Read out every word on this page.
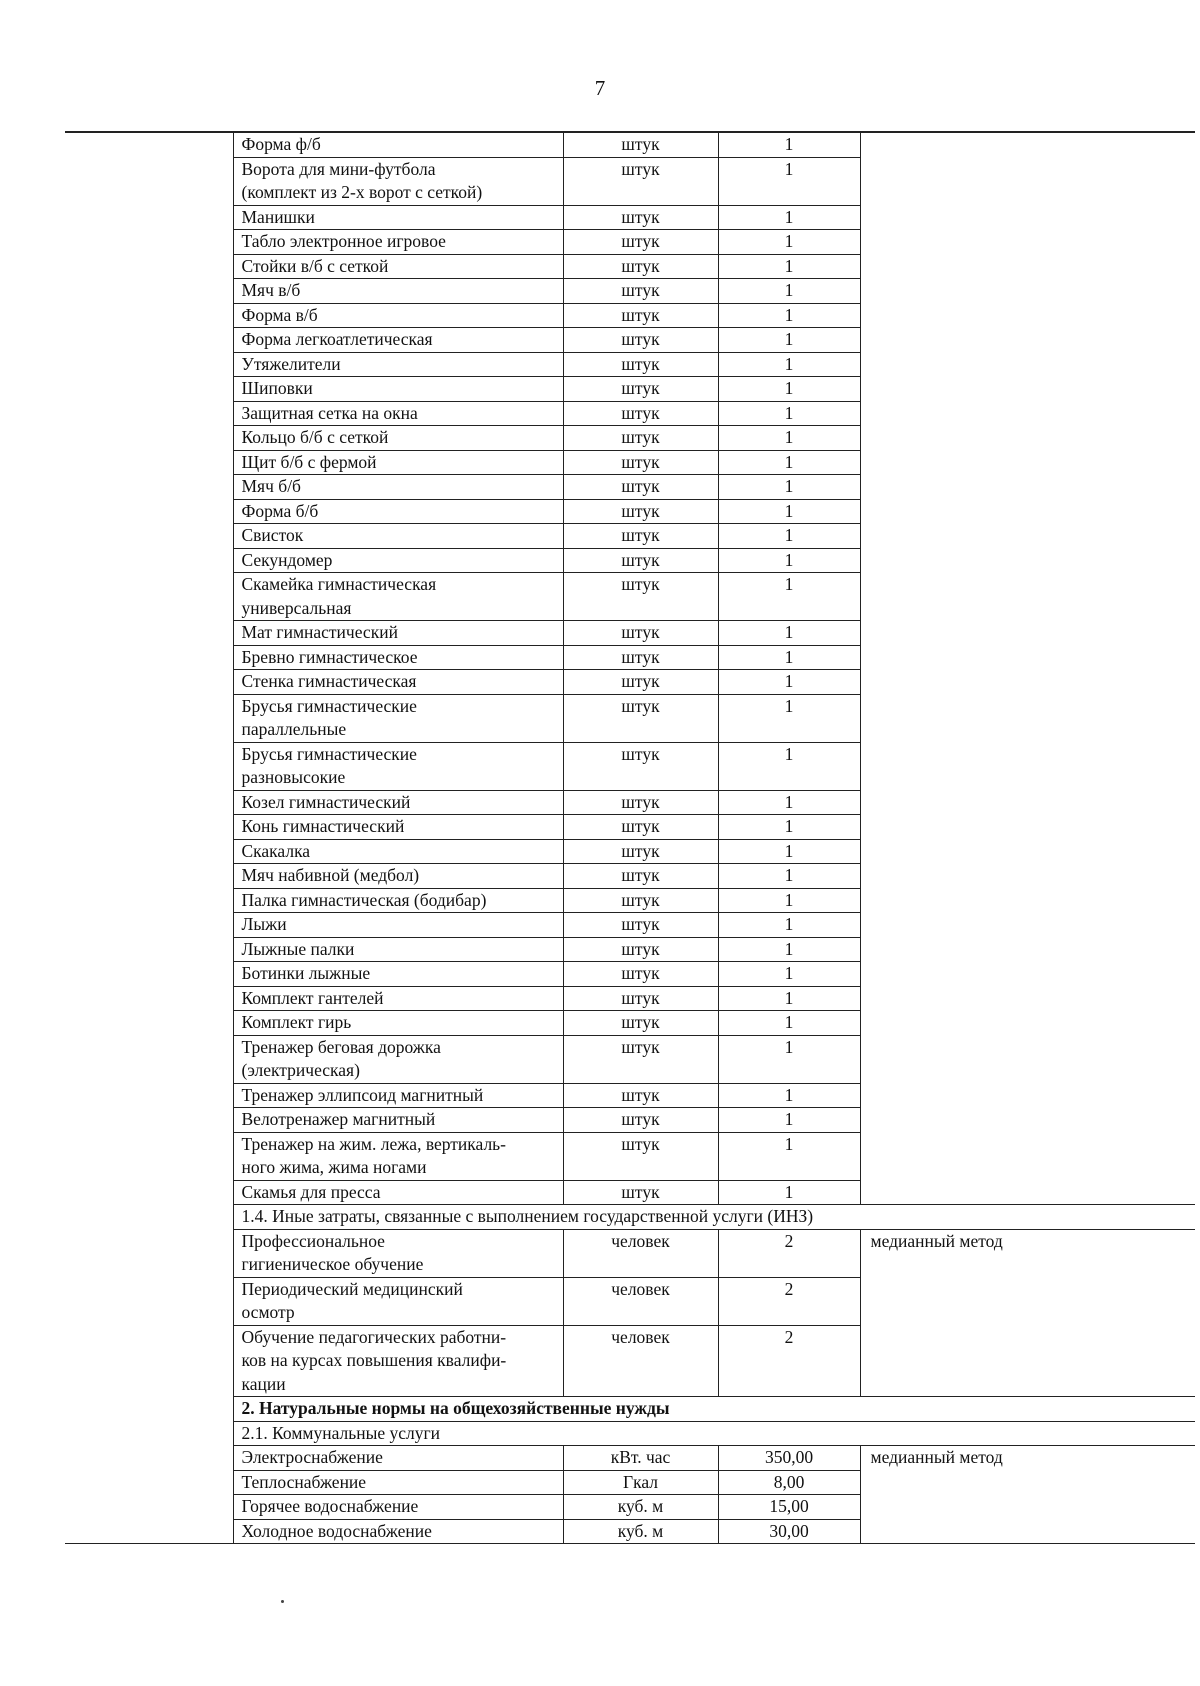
7
	Форма ф/б	штук	1	
	Ворота для мини-футбола
(комплект из 2-х ворот с сеткой)	штук	1	
	Манишки	штук	1	
	Табло электронное игровое	штук	1	
	Стойки в/б с сеткой	штук	1	
	Мяч в/б	штук	1	
	Форма в/б	штук	1	
	Форма легкоатлетическая	штук	1	
	Утяжелители	штук	1	
	Шиповки	штук	1	
	Защитная сетка на окна	штук	1	
	Кольцо б/б с сеткой	штук	1	
	Щит б/б с фермой	штук	1	
	Мяч б/б	штук	1	
	Форма б/б	штук	1	
	Свисток	штук	1	
	Секундомер	штук	1	
	Скамейка гимнастическая
универсальная	штук	1	
	Мат гимнастический	штук	1	
	Бревно гимнастическое	штук	1	
	Стенка гимнастическая	штук	1	
	Брусья гимнастические
параллельные	штук	1	
	Брусья гимнастические
разновысокие	штук	1	
	Козел гимнастический	штук	1	
	Конь гимнастический	штук	1	
	Скакалка	штук	1	
	Мяч набивной (медбол)	штук	1	
	Палка гимнастическая (бодибар)	штук	1	
	Лыжи	штук	1	
	Лыжные палки	штук	1	
	Ботинки лыжные	штук	1	
	Комплект гантелей	штук	1	
	Комплект гирь	штук	1	
	Тренажер беговая дорожка
(электрическая)	штук	1	
	Тренажер эллипсоид магнитный	штук	1	
	Велотренажер магнитный	штук	1	
	Тренажер на жим. лежа, вертикаль-
ного жима, жима ногами	штук	1	
	Скамья для пресса	штук	1	
	1.4. Иные затраты, связанные с выполнением государственной услуги (ИНЗ)			
	Профессиональное
гигиеническое обучение	человек	2	медианный метод
	Периодический медицинский
осмотр	человек	2	
	Обучение педагогических работни-
ков на курсах повышения квалифи-
кации	человек	2	
	2. Натуральные нормы на общехозяйственные нужды			
	2.1. Коммунальные услуги			
	Электроснабжение	кВт. час	350,00	медианный метод
	Теплоснабжение	Гкал	8,00	
	Горячее водоснабжение	куб. м	15,00	
	Холодное водоснабжение	куб. м	30,00	
